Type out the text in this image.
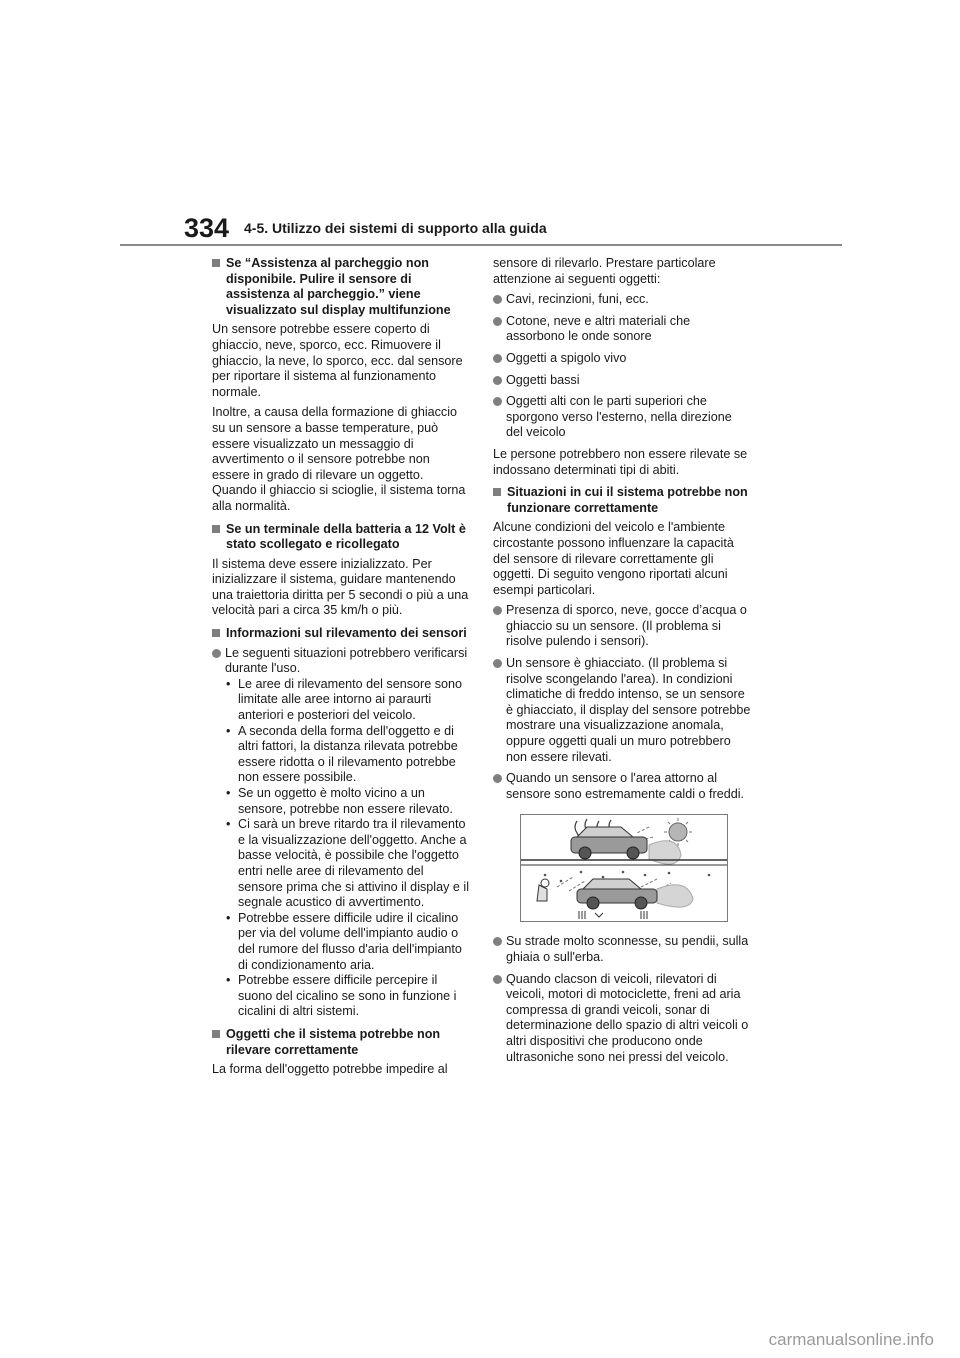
334 4-5. Utilizzo dei sistemi di supporto alla guida
Se “Assistenza al parcheggio non disponibile. Pulire il sensore di assistenza al parcheggio.” viene visualizzato sul display multifunzione
Un sensore potrebbe essere coperto di ghiaccio, neve, sporco, ecc. Rimuovere il ghiaccio, la neve, lo sporco, ecc. dal sensore per riportare il sistema al funzionamento normale.
Inoltre, a causa della formazione di ghiaccio su un sensore a basse temperature, può essere visualizzato un messaggio di avvertimento o il sensore potrebbe non essere in grado di rilevare un oggetto. Quando il ghiaccio si scioglie, il sistema torna alla normalità.
Se un terminale della batteria a 12 Volt è stato scollegato e ricollegato
Il sistema deve essere inizializzato. Per inizializzare il sistema, guidare mantenendo una traiettoria diritta per 5 secondi o più a una velocità pari a circa 35 km/h o più.
Informazioni sul rilevamento dei sensori
Le seguenti situazioni potrebbero verificarsi durante l'uso.
• Le aree di rilevamento del sensore sono limitate alle aree intorno ai paraurti anteriori e posteriori del veicolo.
• A seconda della forma dell'oggetto e di altri fattori, la distanza rilevata potrebbe essere ridotta o il rilevamento potrebbe non essere possibile.
• Se un oggetto è molto vicino a un sensore, potrebbe non essere rilevato.
• Ci sarà un breve ritardo tra il rilevamento e la visualizzazione dell'oggetto. Anche a basse velocità, è possibile che l'oggetto entri nelle aree di rilevamento del sensore prima che si attivino il display e il segnale acustico di avvertimento.
• Potrebbe essere difficile udire il cicalino per via del volume dell'impianto audio o del rumore del flusso d'aria dell'impianto di condizionamento aria.
• Potrebbe essere difficile percepire il suono del cicalino se sono in funzione i cicalini di altri sistemi.
Oggetti che il sistema potrebbe non rilevare correttamente
La forma dell'oggetto potrebbe impedire al
sensore di rilevarlo. Prestare particolare attenzione ai seguenti oggetti:
Cavi, recinzioni, funi, ecc.
Cotone, neve e altri materiali che assorbono le onde sonore
Oggetti a spigolo vivo
Oggetti bassi
Oggetti alti con le parti superiori che sporgono verso l'esterno, nella direzione del veicolo
Le persone potrebbero non essere rilevate se indossano determinati tipi di abiti.
Situazioni in cui il sistema potrebbe non funzionare correttamente
Alcune condizioni del veicolo e l'ambiente circostante possono influenzare la capacità del sensore di rilevare correttamente gli oggetti. Di seguito vengono riportati alcuni esempi particolari.
Presenza di sporco, neve, gocce d’acqua o ghiaccio su un sensore. (Il problema si risolve pulendo i sensori).
Un sensore è ghiacciato. (Il problema si risolve scongelando l'area). In condizioni climatiche di freddo intenso, se un sensore è ghiacciato, il display del sensore potrebbe mostrare una visualizzazione anomala, oppure oggetti quali un muro potrebbero non essere rilevati.
Quando un sensore o l'area attorno al sensore sono estremamente caldi o freddi.
Su strade molto sconnesse, su pendii, sulla ghiaia o sull'erba.
Quando clacson di veicoli, rilevatori di veicoli, motori di motociclette, freni ad aria compressa di grandi veicoli, sonar di determinazione dello spazio di altri veicoli o altri dispositivi che producono onde ultrasoniche sono nei pressi del veicolo.
carmanualsonline.info
